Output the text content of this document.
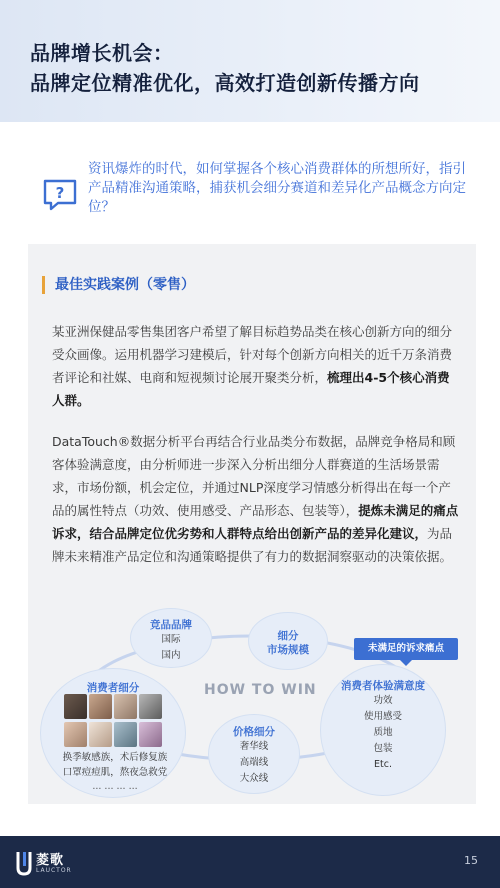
品牌增长机会：
品牌定位精准优化，高效打造创新传播方向
?
资讯爆炸的时代，如何掌握各个核心消费群体的所想所好，指引产品精准沟通策略，捕获机会细分赛道和差异化产品概念方向定位？
最佳实践案例（零售）
某亚洲保健品零售集团客户希望了解目标趋势品类在核心创新方向的细分受众画像。运用机器学习建模后，针对每个创新方向相关的近千万条消费者评论和社媒、电商和短视频讨论展开聚类分析，梳理出4-5个核心消费人群。
DataTouch®数据分析平台再结合行业品类分布数据，品牌竞争格局和顾客体验满意度，由分析师进一步深入分析出细分人群赛道的生活场景需求，市场份额，机会定位，并通过NLP深度学习情感分析得出在每一个产品的属性特点（功效、使用感受、产品形态、包装等），提炼未满足的痛点诉求，结合品牌定位优劣势和人群特点给出创新产品的差异化建议，为品牌未来精准产品定位和沟通策略提供了有力的数据洞察驱动的决策依据。
竞品品牌
国际
国内
细分
市场规模
HOW TO WIN
未满足的诉求痛点
消费者体验满意度
功效
使用感受
质地
包装
Etc.
价格细分
奢华线
高端线
大众线
消费者细分
换季敏感族，术后修复族
口罩痘痘肌，熬夜急救党
... ... ... ...
菱歌
LAUCTOR
15
